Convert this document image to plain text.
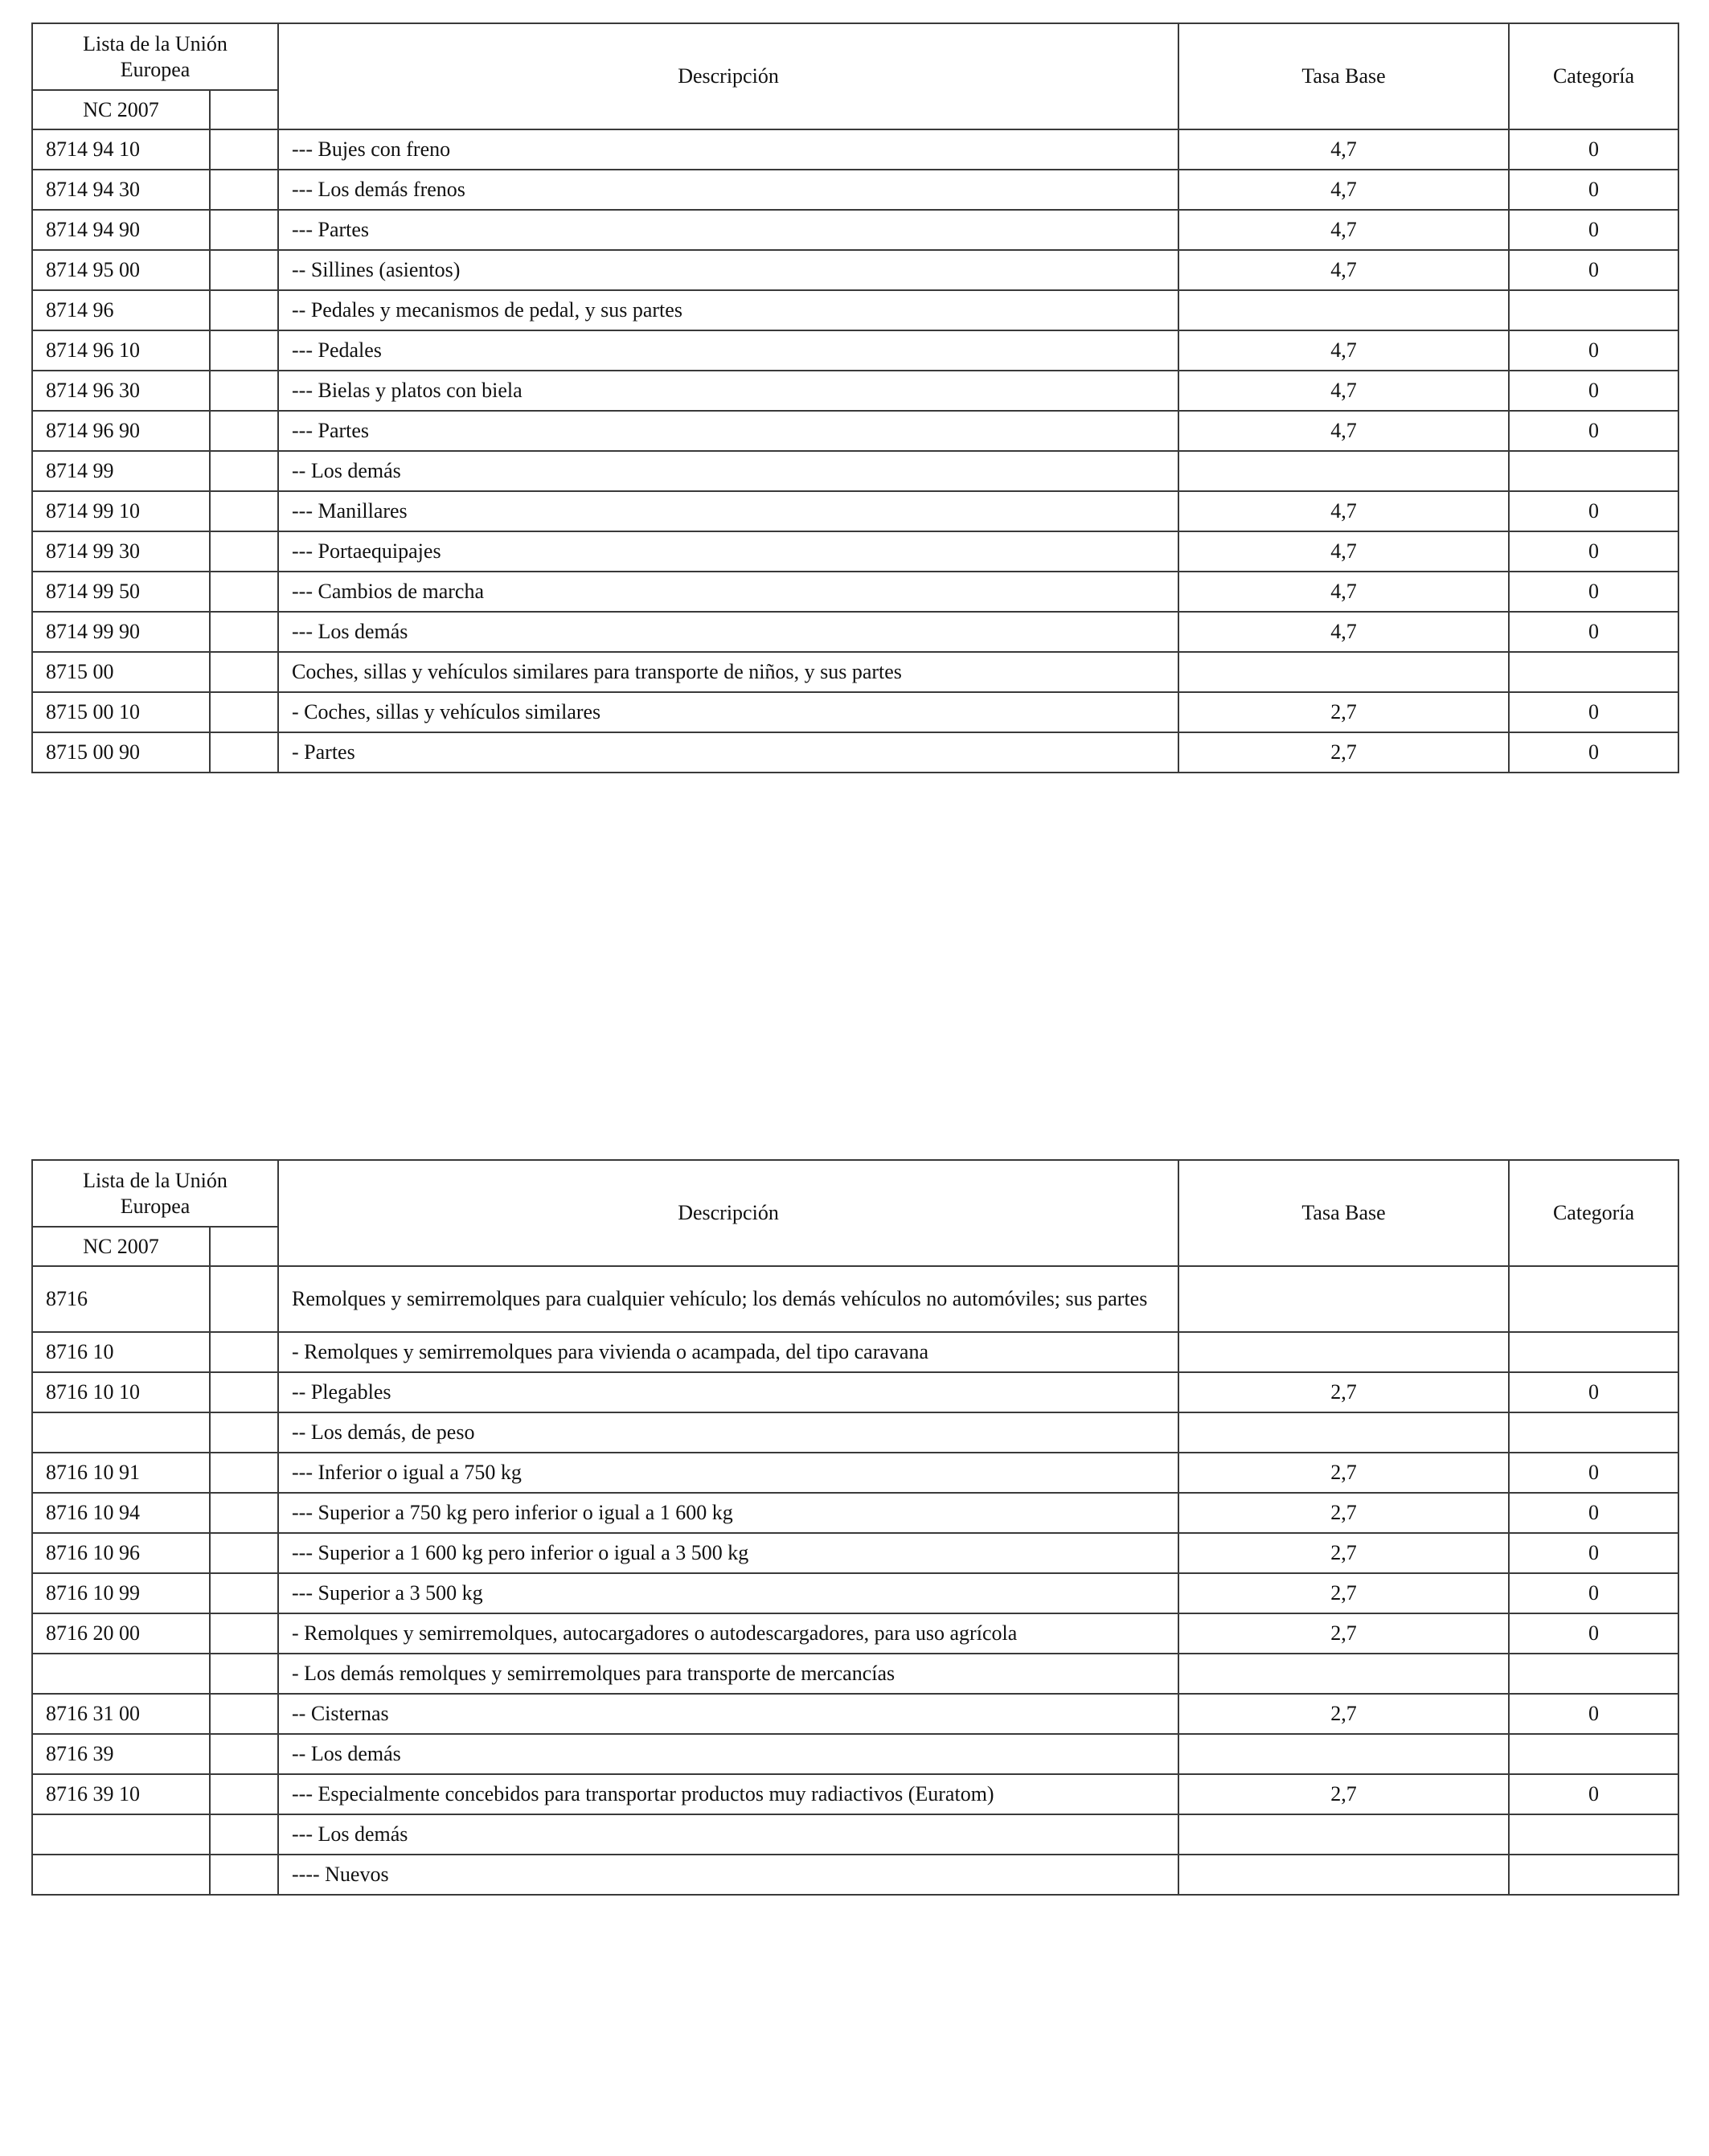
Lista de la Unión Europea		Descripción	Tasa Base	Categoría
NC 2007				
8714 94 10		--- Bujes con freno	4,7	0
8714 94 30		--- Los demás frenos	4,7	0
8714 94 90		--- Partes	4,7	0
8714 95 00		-- Sillines (asientos)	4,7	0
8714 96		-- Pedales y mecanismos de pedal, y sus partes		
8714 96 10		--- Pedales	4,7	0
8714 96 30		--- Bielas y platos con biela	4,7	0
8714 96 90		--- Partes	4,7	0
8714 99		-- Los demás		
8714 99 10		--- Manillares	4,7	0
8714 99 30		--- Portaequipajes	4,7	0
8714 99 50		--- Cambios de marcha	4,7	0
8714 99 90		--- Los demás	4,7	0
8715 00		Coches, sillas y vehículos similares para transporte de niños, y sus partes		
8715 00 10		- Coches, sillas y vehículos similares	2,7	0
8715 00 90		- Partes	2,7	0
Lista de la Unión Europea		Descripción	Tasa Base	Categoría
NC 2007				
8716		Remolques y semirremolques para cualquier vehículo; los demás vehículos no automóviles; sus partes		
8716 10		- Remolques y semirremolques para vivienda o acampada, del tipo caravana		
8716 10 10		-- Plegables	2,7	0
		-- Los demás, de peso		
8716 10 91		--- Inferior o igual a 750 kg	2,7	0
8716 10 94		--- Superior a 750 kg pero inferior o igual a 1 600 kg	2,7	0
8716 10 96		--- Superior a 1 600 kg pero inferior o igual a 3 500 kg	2,7	0
8716 10 99		--- Superior a 3 500 kg	2,7	0
8716 20 00		- Remolques y semirremolques, autocargadores o autodescargadores, para uso agrícola	2,7	0
		- Los demás remolques y semirremolques para transporte de mercancías		
8716 31 00		-- Cisternas	2,7	0
8716 39		-- Los demás		
8716 39 10		--- Especialmente concebidos para transportar productos muy radiactivos (Euratom)	2,7	0
		--- Los demás		
		---- Nuevos		
